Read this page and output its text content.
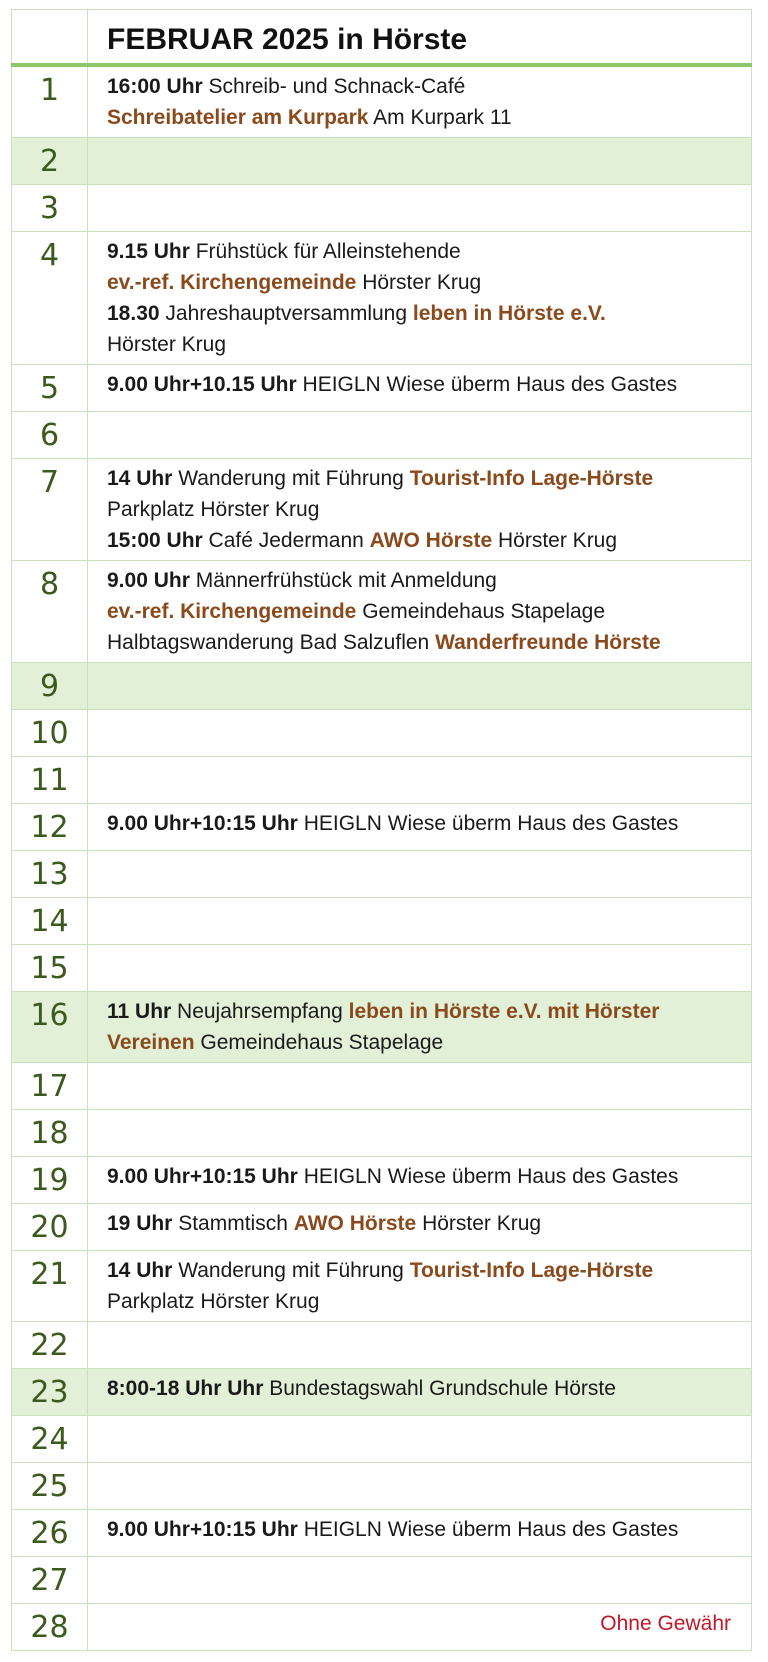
	FEBRUAR 2025 in Hörste
1	16:00 Uhr Schreib- und Schnack-Café
Schreibatelier am Kurpark Am Kurpark 11

2	
3	
4	9.15 Uhr Frühstück für Alleinstehende
ev.-ref. Kirchengemeinde Hörster Krug
18.30 Jahreshauptversammlung leben in Hörste e.V.
Hörster Krug

5	9.00 Uhr+10.15 Uhr HEIGLN Wiese überm Haus des Gastes

6	
7	14 Uhr Wanderung mit Führung Tourist-Info Lage-Hörste
Parkplatz Hörster Krug
15:00 Uhr Café Jedermann AWO Hörste Hörster Krug

8	9.00 Uhr Männerfrühstück mit Anmeldung
ev.-ref. Kirchengemeinde Gemeindehaus Stapelage
Halbtagswanderung Bad Salzuflen Wanderfreunde Hörste

9	
10	
11	
12	9.00 Uhr+10:15 Uhr HEIGLN Wiese überm Haus des Gastes

13	
14	
15	
16	11 Uhr Neujahrsempfang leben in Hörste e.V. mit Hörster
Vereinen Gemeindehaus Stapelage

17	
18	
19	9.00 Uhr+10:15 Uhr HEIGLN Wiese überm Haus des Gastes

20	19 Uhr Stammtisch AWO Hörste Hörster Krug

21	14 Uhr Wanderung mit Führung Tourist-Info Lage-Hörste
Parkplatz Hörster Krug

22	
23	8:00-18 Uhr Uhr Bundestagswahl Grundschule Hörste

24	
25	
26	9.00 Uhr+10:15 Uhr HEIGLN Wiese überm Haus des Gastes

27	
28	Ohne Gewähr
